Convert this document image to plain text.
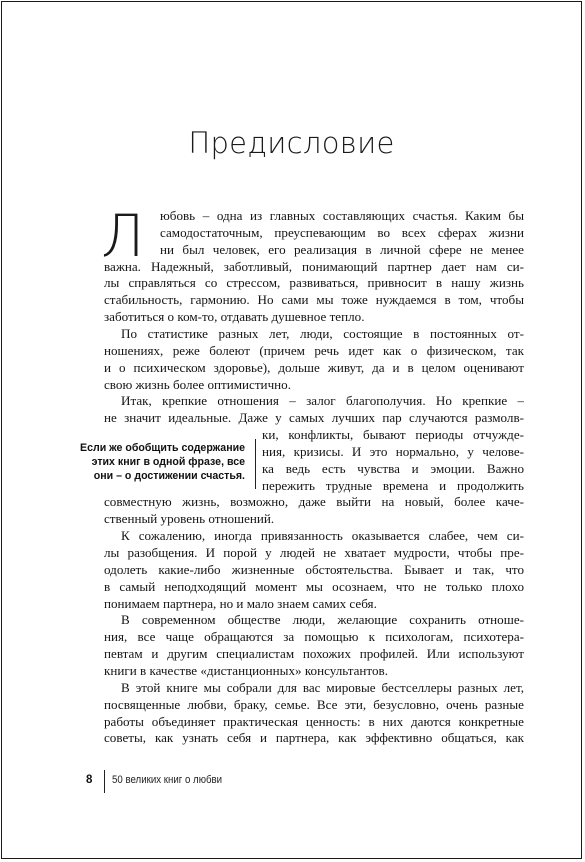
Предисловие
Л
Если же обобщить содержание
этих книг в одной фразе, все
они – о достижении счастья.
юбовь – одна из главных составляющих счастья. Каким бы
самодостаточным, преуспевающим во всех сферах жизни
ни был человек, его реализация в личной сфере не менее
важна. Надежный, заботливый, понимающий партнер дает нам си-
лы справляться со стрессом, развиваться, привносит в нашу жизнь
стабильность, гармонию. Но сами мы тоже нуждаемся в том, чтобы
заботиться о ком-то, отдавать душевное тепло.
По статистике разных лет, люди, состоящие в постоянных от-
ношениях, реже болеют (причем речь идет как о физическом, так
и о психическом здоровье), дольше живут, да и в целом оценивают
свою жизнь более оптимистично.
Итак, крепкие отношения – залог благополучия. Но крепкие –
не значит идеальные. Даже у самых лучших пар случаются размолв-
ки, конфликты, бывают периоды отчужде-
ния, кризисы. И это нормально, у челове-
ка ведь есть чувства и эмоции. Важно
пережить трудные времена и продолжить
совместную жизнь, возможно, даже выйти на новый, более каче-
ственный уровень отношений.
К сожалению, иногда привязанность оказывается слабее, чем си-
лы разобщения. И порой у людей не хватает мудрости, чтобы пре-
одолеть какие-либо жизненные обстоятельства. Бывает и так, что
в самый неподходящий момент мы осознаем, что не только плохо
понимаем партнера, но и мало знаем самих себя.
В современном обществе люди, желающие сохранить отноше-
ния, все чаще обращаются за помощью к психологам, психотера-
певтам и другим специалистам похожих профилей. Или используют
книги в качестве «дистанционных» консультантов.
В этой книге мы собрали для вас мировые бестселлеры разных лет,
посвященные любви, браку, семье. Все эти, безусловно, очень разные
работы объединяет практическая ценность: в них даются конкретные
советы, как узнать себя и партнера, как эффективно общаться, как
8 50 великих книг о любви
